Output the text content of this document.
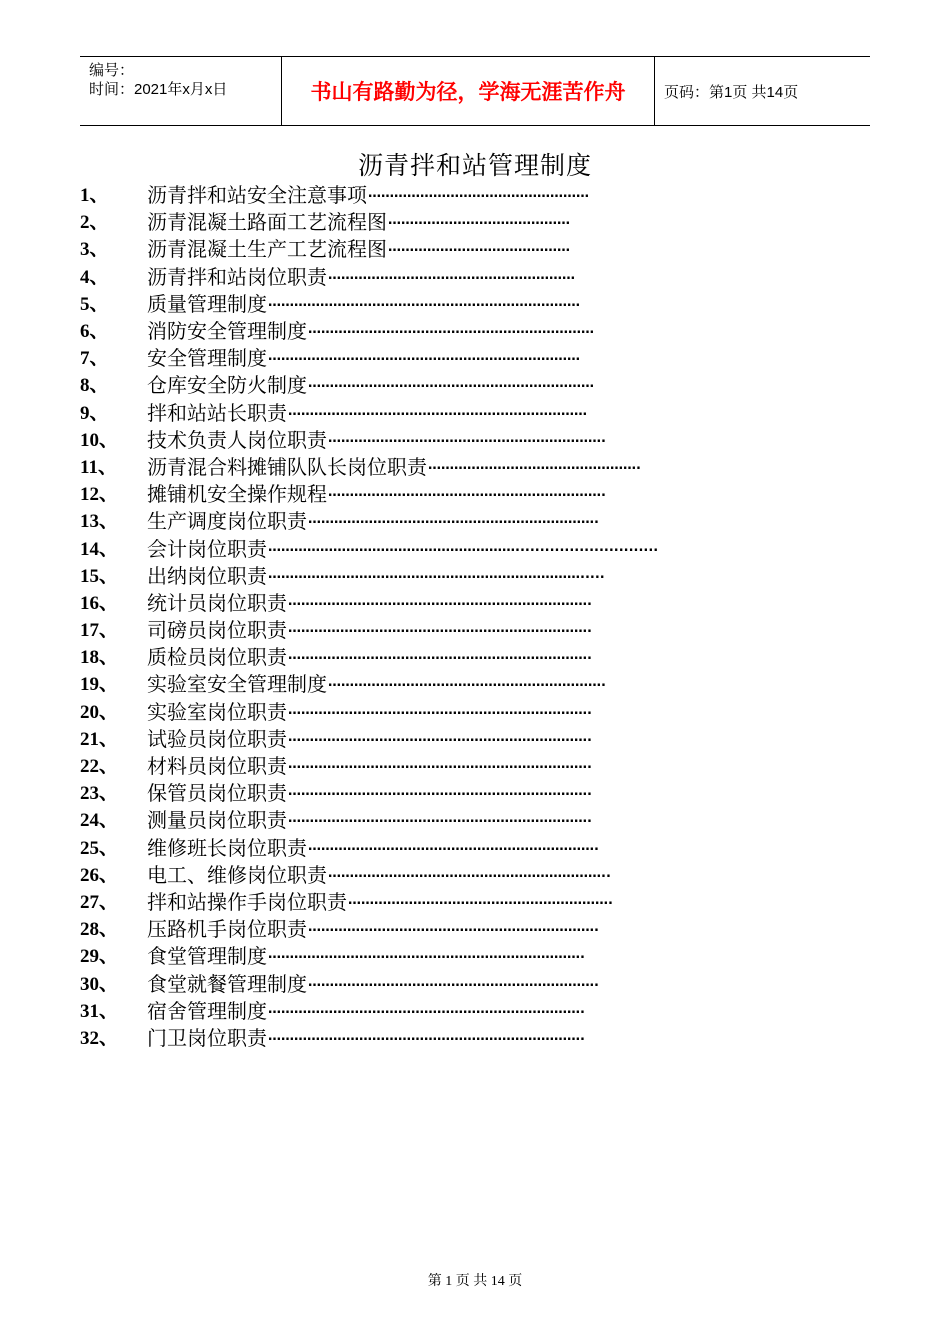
编号：
时间：2021年x月x日	书山有路勤为径，学海无涯苦作舟	页码：第1页 共14页
沥青拌和站管理制度
1、	沥青拌和站安全注意事项 ……………………………………………
2、	沥青混凝土路面工艺流程图 ……………………………………
3、	沥青混凝土生产工艺流程图 ……………………………………
4、	沥青拌和站岗位职责 …………………………………………………
5、	质量管理制度 ………………………………………………………………
6、	消防安全管理制度 …………………………………………………………
7、	安全管理制度 ………………………………………………………………
8、	仓库安全防火制度 …………………………………………………………
9、	拌和站站长职责 ……………………………………………………………
10、	技术负责人岗位职责 ……………………………………………………….
11、	沥青混合料摊铺队队长岗位职责 ………………………………………….
12、	摊铺机安全操作规程 ……………………………………………………….
13、	生产调度岗位职责 ………………………………………………………….
14、	会计岗位职责 ………………………………………………….............................
15、	出纳岗位职责 ……………………………………………………………….....‌
16、	统计员岗位职责 …………………………………………………………….
17、	司磅员岗位职责 …………………………………………………………….
18、	质检员岗位职责 …………………………………………………………….
19、	实验室安全管理制度 ……………………………………………………….
20、	实验室岗位职责 …………………………………………………………….
21、	试验员岗位职责 …………………………………………………………….
22、	材料员岗位职责 …………………………………………………………….
23、	保管员岗位职责 …………………………………………………………….
24、	测量员岗位职责 …………………………………………………………….
25、	维修班长岗位职责 ………………………………………………………….
26、	电工、维修岗位职责 ………………………………………………………..
27、	拌和站操作手岗位职责 …………………………………………………….
28、	压路机手岗位职责 ………………………………………………………….
29、	食堂管理制度 ……………………………………………………………….
30、	食堂就餐管理制度 ………………………………………………………….
31、	宿舍管理制度 ……………………………………………………………….
32、	门卫岗位职责 ……………………………………………………………….
第 1 页 共 14 页
